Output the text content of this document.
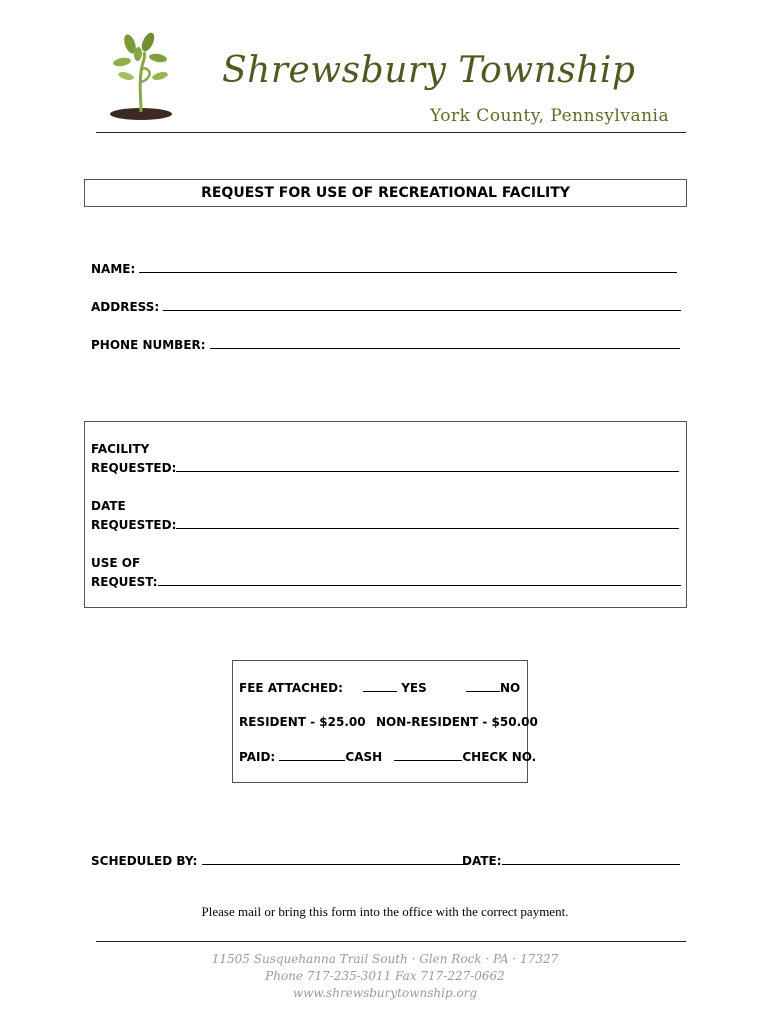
Shrewsbury Township
York County, Pennsylvania
REQUEST FOR USE OF RECREATIONAL FACILITY
NAME:
ADDRESS:
PHONE NUMBER:
FACILITY
REQUESTED:
DATE
REQUESTED:
USE OF
REQUEST:
FEE ATTACHED:	YES	NO
RESIDENT - $25.00 NON-RESIDENT - $50.00
PAID:	CASH	CHECK NO.
SCHEDULED BY:	DATE:
Please mail or bring this form into the office with the correct payment.
11505 Susquehanna Trail South · Glen Rock · PA · 17327
Phone 717-235-3011 Fax 717-227-0662
www.shrewsburytownship.org
